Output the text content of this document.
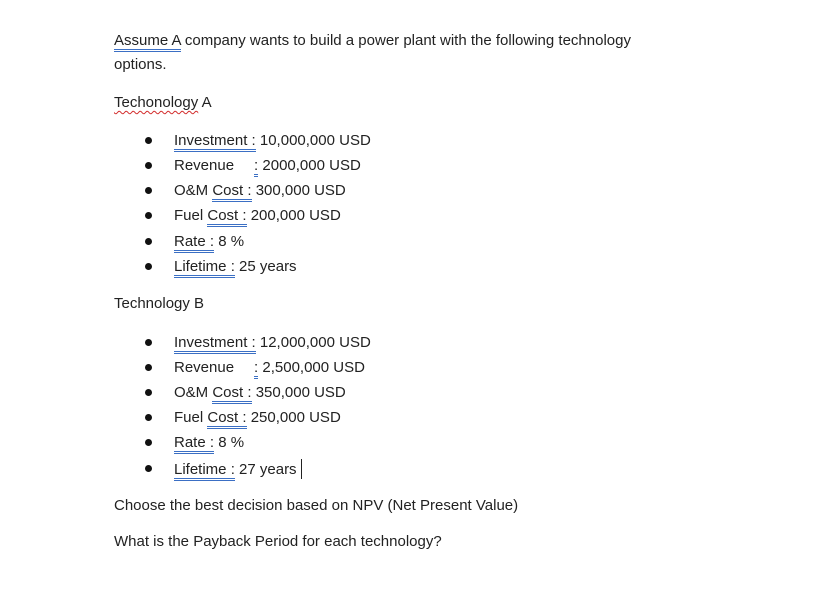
Assume A company wants to build a power plant with the following technology
options.
Techonology A
Investment : 10,000,000 USD
Revenue : 2000,000 USD
O&M Cost : 300,000 USD
Fuel Cost : 200,000 USD
Rate : 8 %
Lifetime : 25 years
Technology B
Investment : 12,000,000 USD
Revenue : 2,500,000 USD
O&M Cost : 350,000 USD
Fuel Cost : 250,000 USD
Rate : 8 %
Lifetime : 27 years
Choose the best decision based on NPV (Net Present Value)
What is the Payback Period for each technology?
